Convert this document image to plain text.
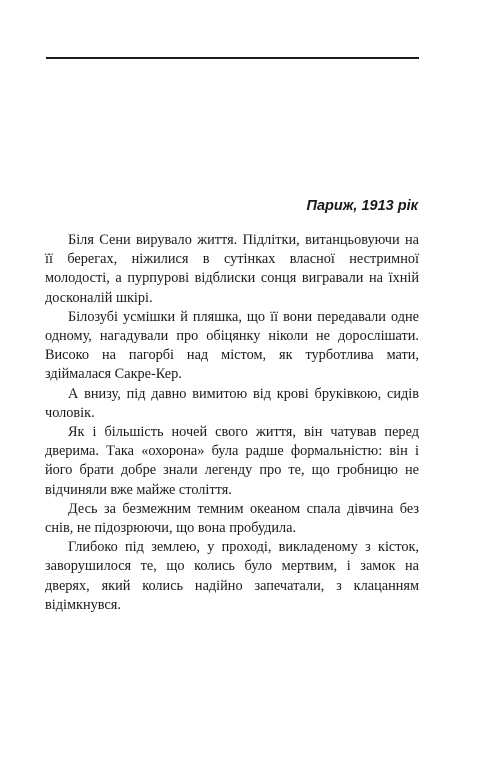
Париж, 1913 рік

Біля Сени вирувало життя. Підлітки, витанцьовуючи на її берегах, ніжилися в сутінках власної нестримної молодості, а пурпурові відблиски сонця вигравали на їхній досконалій шкірі.

Білозубі усмішки й пляшка, що її вони передавали одне одному, нагадували про обіцянку ніколи не дорослішати. Високо на пагорбі над містом, як турботлива мати, здіймалася Сакре-Кер.

А внизу, під давно вимитою від крові бруківкою, сидів чоловік.

Як і більшість ночей свого життя, він чатував перед дверима. Така «охорона» була радше формальністю: він і його брати добре знали легенду про те, що гробницю не відчиняли вже майже століття.

Десь за безмежним темним океаном спала дівчина без снів, не підозрюючи, що вона пробудила.

Глибоко під землею, у проході, викладеному з кісток, заворушилося те, що колись було мертвим, і замок на дверях, який колись надійно запечатали, з клацанням відімкнувся.
